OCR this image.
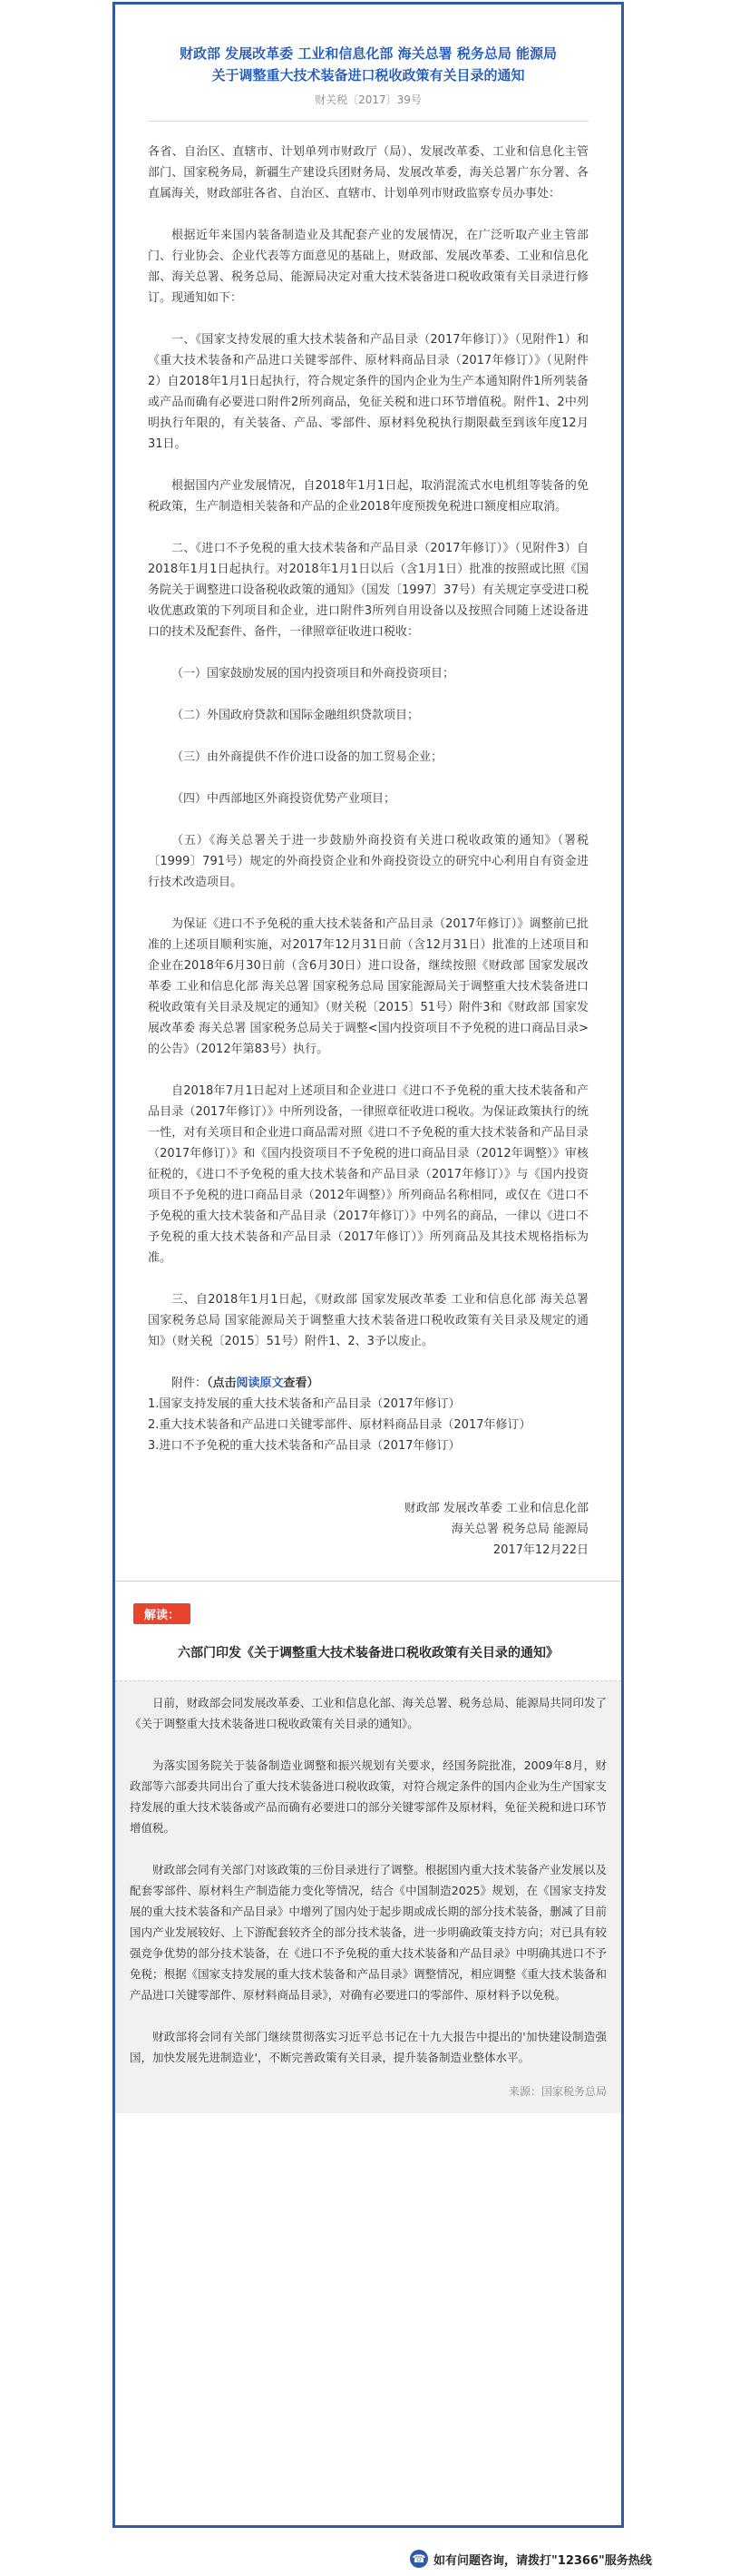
财政部 发展改革委 工业和信息化部 海关总署 税务总局 能源局
关于调整重大技术装备进口税收政策有关目录的通知
财关税〔2017〕39号

各省、自治区、直辖市、计划单列市财政厅（局）、发展改革委、工业和信息化主管部门、国家税务局，新疆生产建设兵团财务局、发展改革委，海关总署广东分署、各直属海关，财政部驻各省、自治区、直辖市、计划单列市财政监察专员办事处：

根据近年来国内装备制造业及其配套产业的发展情况，在广泛听取产业主管部门、行业协会、企业代表等方面意见的基础上，财政部、发展改革委、工业和信息化部、海关总署、税务总局、能源局决定对重大技术装备进口税收政策有关目录进行修订。现通知如下：

一、《国家支持发展的重大技术装备和产品目录（2017年修订）》（见附件1）和《重大技术装备和产品进口关键零部件、原材料商品目录（2017年修订）》（见附件2）自2018年1月1日起执行，符合规定条件的国内企业为生产本通知附件1所列装备或产品而确有必要进口附件2所列商品，免征关税和进口环节增值税。附件1、2中列明执行年限的，有关装备、产品、零部件、原材料免税执行期限截至到该年度12月31日。

根据国内产业发展情况，自2018年1月1日起，取消混流式水电机组等装备的免税政策，生产制造相关装备和产品的企业2018年度预拨免税进口额度相应取消。

二、《进口不予免税的重大技术装备和产品目录（2017年修订）》（见附件3）自2018年1月1日起执行。对2018年1月1日以后（含1月1日）批准的按照或比照《国务院关于调整进口设备税收政策的通知》（国发〔1997〕37号）有关规定享受进口税收优惠政策的下列项目和企业，进口附件3所列自用设备以及按照合同随上述设备进口的技术及配套件、备件，一律照章征收进口税收：

（一）国家鼓励发展的国内投资项目和外商投资项目；

（二）外国政府贷款和国际金融组织贷款项目；

（三）由外商提供不作价进口设备的加工贸易企业；

（四）中西部地区外商投资优势产业项目；

（五）《海关总署关于进一步鼓励外商投资有关进口税收政策的通知》（署税〔1999〕791号）规定的外商投资企业和外商投资设立的研究中心利用自有资金进行技术改造项目。

为保证《进口不予免税的重大技术装备和产品目录（2017年修订）》调整前已批准的上述项目顺利实施，对2017年12月31日前（含12月31日）批准的上述项目和企业在2018年6月30日前（含6月30日）进口设备，继续按照《财政部 国家发展改革委 工业和信息化部 海关总署 国家税务总局 国家能源局关于调整重大技术装备进口税收政策有关目录及规定的通知》（财关税〔2015〕51号）附件3和《财政部 国家发展改革委 海关总署 国家税务总局关于调整<国内投资项目不予免税的进口商品目录>的公告》（2012年第83号）执行。

自2018年7月1日起对上述项目和企业进口《进口不予免税的重大技术装备和产品目录（2017年修订）》中所列设备，一律照章征收进口税收。为保证政策执行的统一性，对有关项目和企业进口商品需对照《进口不予免税的重大技术装备和产品目录（2017年修订）》和《国内投资项目不予免税的进口商品目录（2012年调整）》审核征税的，《进口不予免税的重大技术装备和产品目录（2017年修订）》与《国内投资项目不予免税的进口商品目录（2012年调整）》所列商品名称相同，或仅在《进口不予免税的重大技术装备和产品目录（2017年修订）》中列名的商品，一律以《进口不予免税的重大技术装备和产品目录（2017年修订）》所列商品及其技术规格指标为准。

三、自2018年1月1日起，《财政部 国家发展改革委 工业和信息化部 海关总署 国家税务总局 国家能源局关于调整重大技术装备进口税收政策有关目录及规定的通知》（财关税〔2015〕51号）附件1、2、3予以废止。

附件：（点击阅读原文查看）

1.国家支持发展的重大技术装备和产品目录（2017年修订）

2.重大技术装备和产品进口关键零部件、原材料商品目录（2017年修订）

3.进口不予免税的重大技术装备和产品目录（2017年修订）

财政部 发展改革委 工业和信息化部
海关总署 税务总局 能源局
2017年12月22日
解读：
六部门印发《关于调整重大技术装备进口税收政策有关目录的通知》

日前，财政部会同发展改革委、工业和信息化部、海关总署、税务总局、能源局共同印发了《关于调整重大技术装备进口税收政策有关目录的通知》。

为落实国务院关于装备制造业调整和振兴规划有关要求，经国务院批准，2009年8月，财政部等六部委共同出台了重大技术装备进口税收政策，对符合规定条件的国内企业为生产国家支持发展的重大技术装备或产品而确有必要进口的部分关键零部件及原材料，免征关税和进口环节增值税。

财政部会同有关部门对该政策的三份目录进行了调整。根据国内重大技术装备产业发展以及配套零部件、原材料生产制造能力变化等情况，结合《中国制造2025》规划，在《国家支持发展的重大技术装备和产品目录》中增列了国内处于起步期或成长期的部分技术装备，删减了目前国内产业发展较好、上下游配套较齐全的部分技术装备，进一步明确政策支持方向；对已具有较强竞争优势的部分技术装备，在《进口不予免税的重大技术装备和产品目录》中明确其进口不予免税；根据《国家支持发展的重大技术装备和产品目录》调整情况，相应调整《重大技术装备和产品进口关键零部件、原材料商品目录》，对确有必要进口的零部件、原材料予以免税。

财政部将会同有关部门继续贯彻落实习近平总书记在十九大报告中提出的'加快建设制造强国，加快发展先进制造业'，不断完善政策有关目录，提升装备制造业整体水平。

来源：国家税务总局
☎ 如有问题咨询，请拨打"12366"服务热线
